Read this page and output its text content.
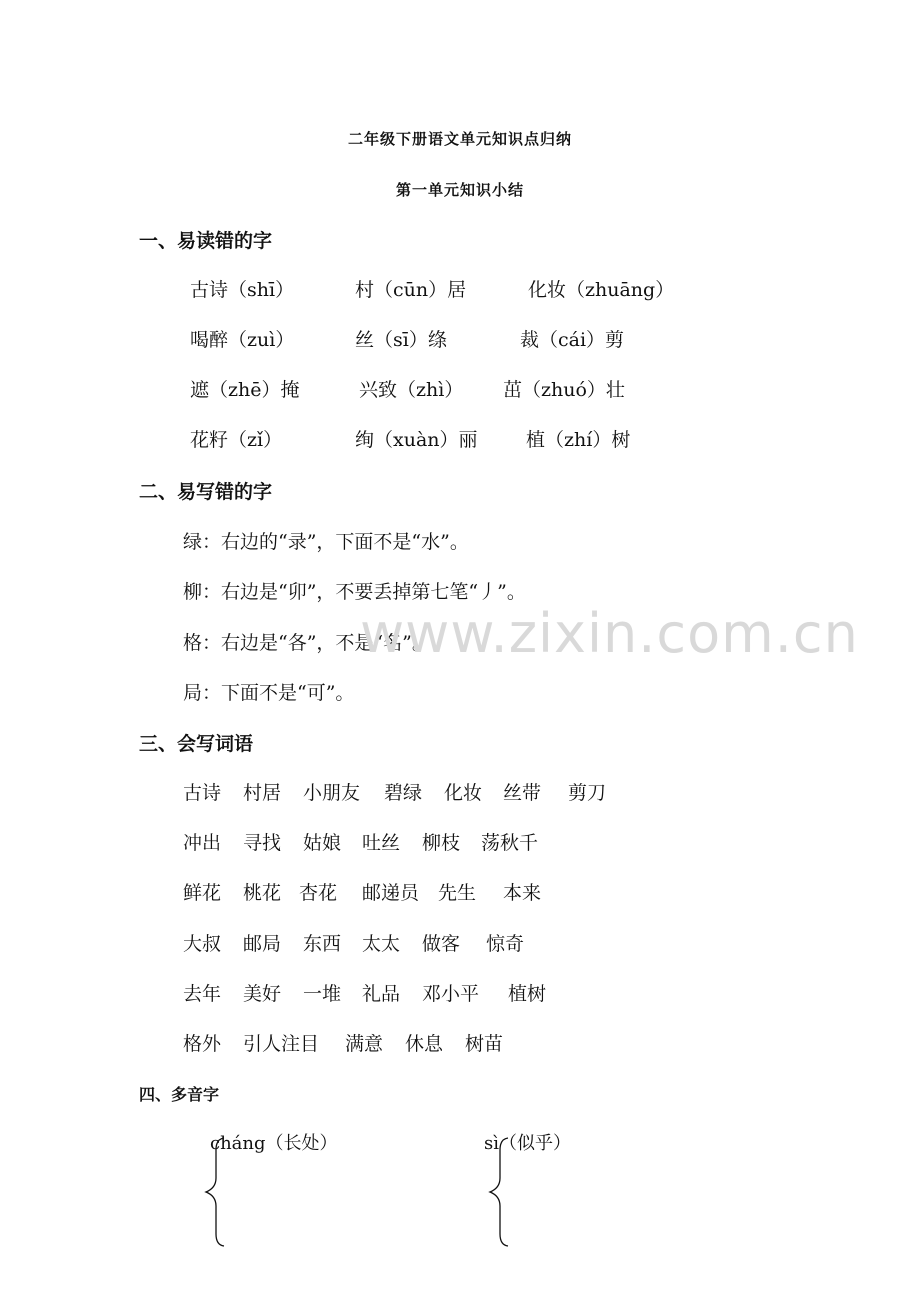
二年级下册语文单元知识点归纳
第一单元知识小结
一、易读错的字
古诗（shī）	村（cūn）居	化妆（zhuāng）
喝醉（zuì）	丝（sī）绦	裁（cái）剪
遮（zhē）掩	兴致（zhì） 茁（zhuó）壮
花籽（zǐ）	绚（xuàn）丽	植（zhí）树
二、易写错的字
绿：右边的“录”，下面不是“水”。
柳：右边是“卯”，不要丢掉第七笔“丿”。
格：右边是“各”，不是“名”。
局：下面不是“可”。
www.zixin.com.cn
三、会写词语
古诗 村居 小朋友 碧绿 化妆 丝带 剪刀
冲出 寻找 姑娘 吐丝 柳枝 荡秋千
鲜花 桃花 杏花 邮递员 先生 本来
大叔 邮局 东西 太太 做客 惊奇
去年 美好 一堆 礼品 邓小平 植树
格外 引人注目 满意 休息 树苗
四、多音字
cháng（长处）	sì（似乎）
